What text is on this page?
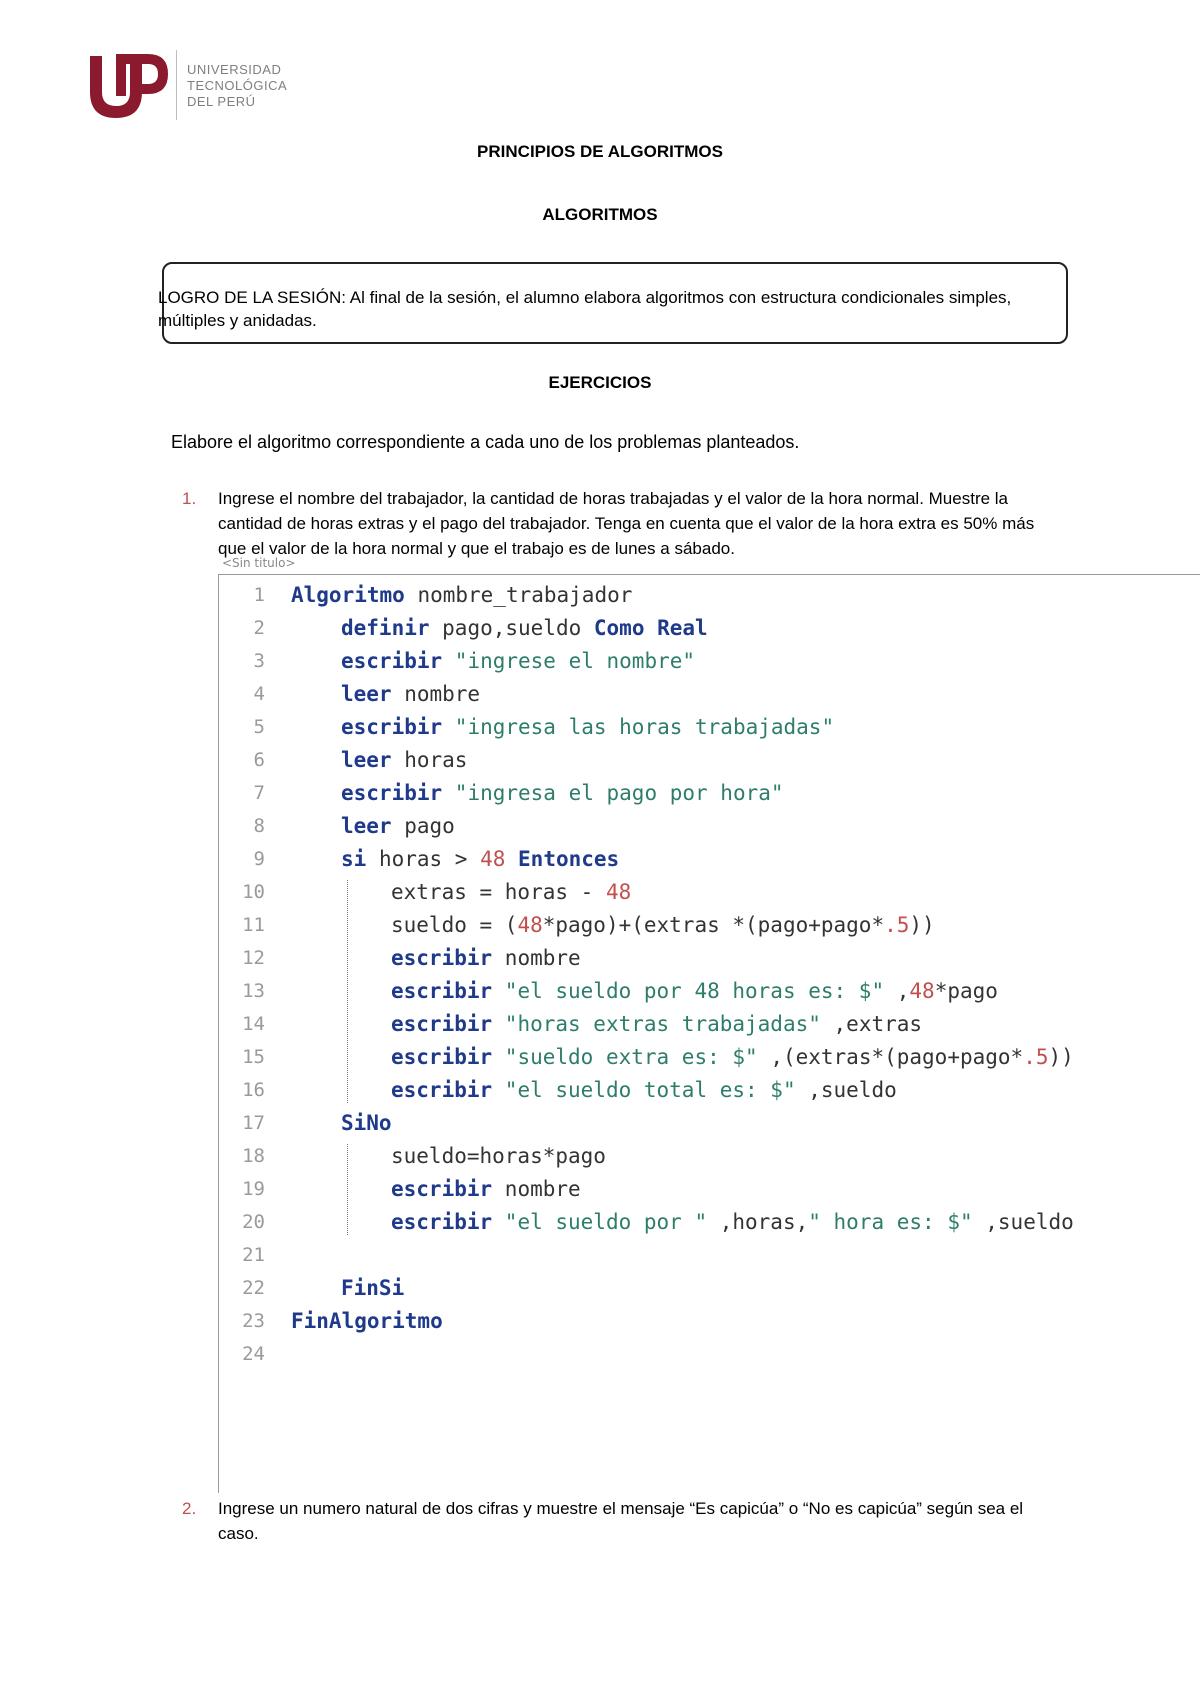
UNIVERSIDAD
TECNOLÓGICA
DEL PERÚ
PRINCIPIOS DE ALGORITMOS
ALGORITMOS
LOGRO DE LA SESIÓN: Al final de la sesión, el alumno elabora algoritmos con estructura condicionales simples, múltiples y anidadas.
EJERCICIOS
Elabore el algoritmo correspondiente a cada uno de los problemas planteados.
1.	Ingrese el nombre del trabajador, la cantidad de horas trabajadas y el valor de la hora normal. Muestre la cantidad de horas extras y el pago del trabajador. Tenga en cuenta que el valor de la hora extra es 50% más que el valor de la hora normal y que el trabajo es de lunes a sábado.
<Sin titulo>
1 Algoritmo nombre_trabajador
2	definir pago,sueldo Como Real
3	escribir "ingrese el nombre"
4	leer nombre
5	escribir "ingresa las horas trabajadas"
6	leer horas
7	escribir "ingresa el pago por hora"
8	leer pago
9	si horas > 48 Entonces
10	extras = horas - 48
11	sueldo = (48*pago)+(extras *(pago+pago*.5))
12	escribir nombre
13	escribir "el sueldo por 48 horas es: $" ,48*pago
14	escribir "horas extras trabajadas" ,extras
15	escribir "sueldo extra es: $" ,(extras*(pago+pago*.5))
16	escribir "el sueldo total es: $" ,sueldo
17	SiNo
18	sueldo=horas*pago
19	escribir nombre
20	escribir "el sueldo por " ,horas," hora es: $" ,sueldo
21
22	FinSi
23 FinAlgoritmo
24
2.	Ingrese un numero natural de dos cifras y muestre el mensaje “Es capicúa” o “No es capicúa” según sea el caso.
